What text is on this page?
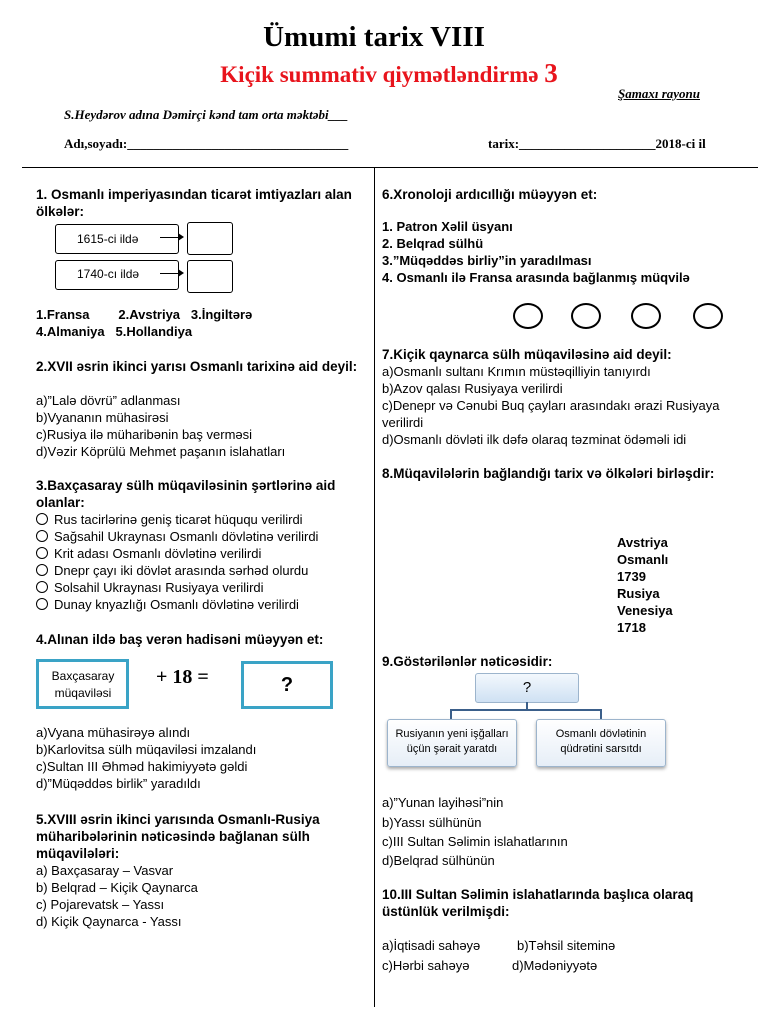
Ümumi tarix VIII
Kiçik summativ qiymətləndirmə 3
Şamaxı rayonu
S.Heydərov adına Dəmirçi kənd tam orta məktəbi___
Adı,soyadı:__________________________________	tarix:_____________________2018-ci il
1. Osmanlı imperiyasından ticarət imtiyazları alan ölkələr:
1615-ci ildə
1740-cı ildə
1.Fransa        2.Avstriya   3.İngiltərə
4.Almaniya   5.Hollandiya
2.XVII əsrin ikinci yarısı Osmanlı tarixinə aid deyil:
a)”Lalə dövrü” adlanması
b)Vyananın mühasirəsi
c)Rusiya ilə müharibənin baş verməsi
d)Vəzir Köprülü Mehmet paşanın islahatları
3.Baxçasaray sülh müqaviləsinin şərtlərinə aid olanlar:
Rus tacirlərinə geniş ticarət hüququ verilirdi
Sağsahil Ukraynası Osmanlı dövlətinə verilirdi
Krit adası Osmanlı dövlətinə verilirdi
Dnepr çayı iki dövlət arasında sərhəd olurdu
Solsahil Ukraynası Rusiyaya verilirdi
Dunay knyazlığı Osmanlı dövlətinə verilirdi
4.Alınan ildə baş verən hadisəni müəyyən et:
Baxçasaray müqaviləsi
+ 18 =	?
a)Vyana mühasirəyə alındı
b)Karlovitsa sülh müqaviləsi imzalandı
c)Sultan III Əhməd hakimiyyətə gəldi
d)”Müqəddəs birlik” yaradıldı
5.XVIII əsrin ikinci yarısında Osmanlı-Rusiya müharibələrinin nəticəsində bağlanan sülh müqavilələri:
a) Baxçasaray – Vasvar
b) Belqrad – Kiçik Qaynarca
c) Pojarevatsk – Yassı
d) Kiçik Qaynarca - Yassı
6.Xronoloji ardıcıllığı müəyyən et:
1. Patron Xəlil üsyanı
2. Belqrad sülhü
3.”Müqəddəs birliy”in yaradılması
4. Osmanlı ilə Fransa arasında bağlanmış müqvilə
7.Kiçik qaynarca sülh müqaviləsinə aid deyil:
a)Osmanlı sultanı Krımın müstəqilliyin tanıyırdı
b)Azov qalası Rusiyaya verilirdi
c)Denepr və Cənubi Buq çayları arasındakı ərazi Rusiyaya verilirdi
d)Osmanlı dövləti ilk dəfə olaraq təzminat ödəməli idi
8.Müqavilələrin bağlandığı tarix və ölkələri birləşdir:
Avstriya
Osmanlı
1739
Rusiya
Venesiya
1718
9.Göstərilənlər nəticəsidir:
?
Rusiyanın yeni işğalları üçün şərait yaratdı
Osmanlı dövlətinin qüdrətini sarsıtdı
a)”Yunan layihəsi”nin
b)Yassı sülhünün
c)III Sultan Səlimin islahatlarının
d)Belqrad sülhünün
10.III Sultan Səlimin islahatlarında başlıca olaraq üstünlük verilmişdi:
a)İqtisadi sahəyə	b)Təhsil siteminə
c)Hərbi sahəyə	d)Mədəniyyətə
